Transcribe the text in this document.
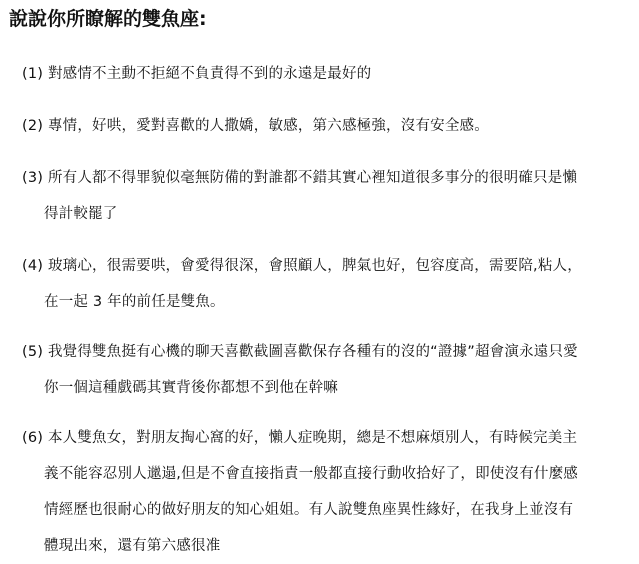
說說你所瞭解的雙魚座:
(1) 對感情不主動不拒絕不負責得不到的永遠是最好的
(2) 專情，好哄，愛對喜歡的人撒嬌，敏感，第六感極強，沒有安全感。
(3) 所有人都不得罪貌似毫無防備的對誰都不錯其實心裡知道很多事分的很明確只是懶
得計較罷了
(4) 玻璃心，很需要哄，會愛得很深，會照顧人，脾氣也好，包容度高，需要陪,粘人，
在一起 3 年的前任是雙魚。
(5) 我覺得雙魚挺有心機的聊天喜歡截圖喜歡保存各種有的沒的“證據”超會演永遠只愛
你一個這種戲碼其實背後你都想不到他在幹嘛
(6) 本人雙魚女，對朋友掏心窩的好，懶人症晚期，總是不想麻煩別人，有時候完美主
義不能容忍別人邋遢,但是不會直接指責一般都直接行動收拾好了，即使沒有什麼感
情經歷也很耐心的做好朋友的知心姐姐。有人說雙魚座異性緣好，在我身上並沒有
體現出來，還有第六感很准
